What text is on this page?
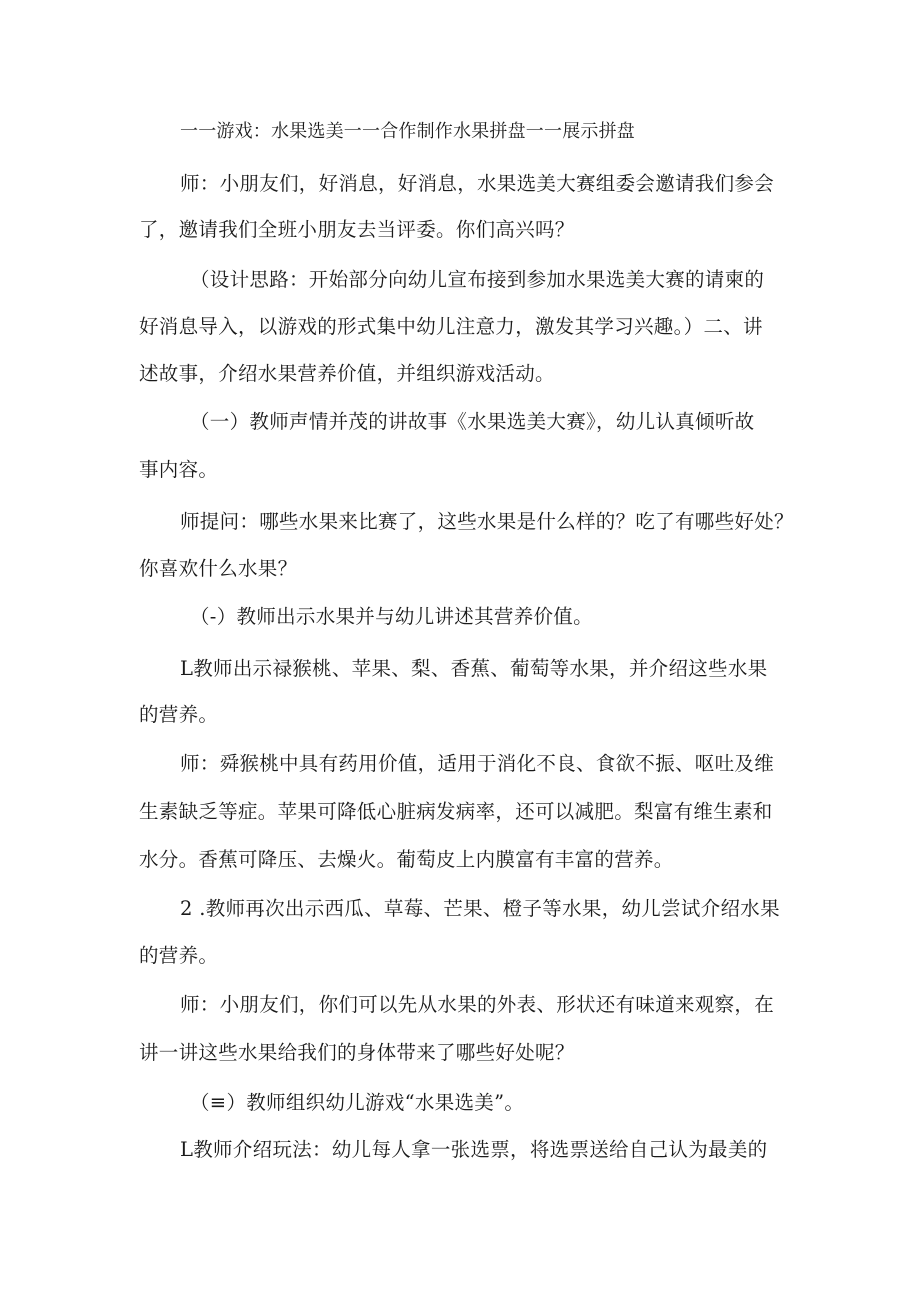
一一游戏：水果选美一一合作制作水果拼盘一一展示拼盘
师：小朋友们，好消息，好消息，水果选美大赛组委会邀请我们参会
了，邀请我们全班小朋友去当评委。你们高兴吗？
（设计思路：开始部分向幼儿宣布接到参加水果选美大赛的请柬的
好消息导入，以游戏的形式集中幼儿注意力，激发其学习兴趣。）二、讲
述故事，介绍水果营养价值，并组织游戏活动。
（一）教师声情并茂的讲故事《水果选美大赛》，幼儿认真倾听故
事内容。
师提问：哪些水果来比赛了，这些水果是什么样的？吃了有哪些好处？
你喜欢什么水果？
（-）教师出示水果并与幼儿讲述其营养价值。
L教师出示禄猴桃、苹果、梨、香蕉、葡萄等水果，并介绍这些水果
的营养。
师：舜猴桃中具有药用价值，适用于消化不良、食欲不振、呕吐及维
生素缺乏等症。苹果可降低心脏病发病率，还可以减肥。梨富有维生素和
水分。香蕉可降压、去燥火。葡萄皮上内膜富有丰富的营养。
2 .教师再次出示西瓜、草莓、芒果、橙子等水果，幼儿尝试介绍水果
的营养。
师：小朋友们，你们可以先从水果的外表、形状还有味道来观察，在
讲一讲这些水果给我们的身体带来了哪些好处呢？
（≡）教师组织幼儿游戏“水果选美”。
L教师介绍玩法：幼儿每人拿一张选票，将选票送给自己认为最美的
